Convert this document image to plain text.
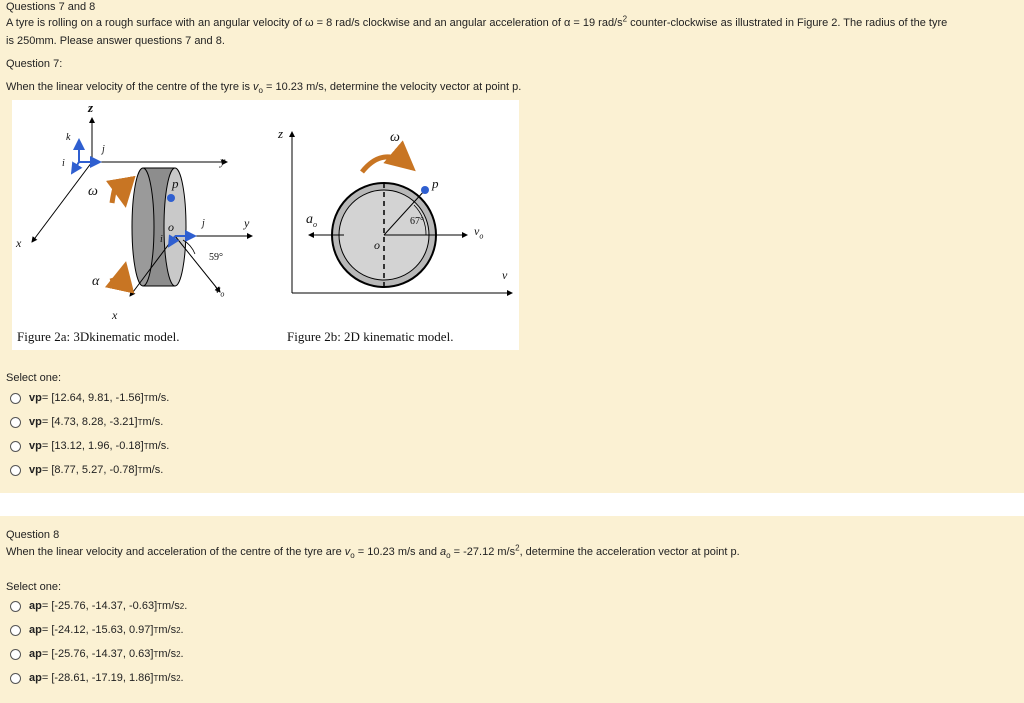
Questions 7 and 8
A tyre is rolling on a rough surface with an angular velocity of ω = 8 rad/s clockwise and an angular acceleration of α = 19 rad/$s^2$ counter-clockwise as illustrated in Figure 2. The radius of the tyre
is 250mm. Please answer questions 7 and 8.
Question 7:
When the linear velocity of the centre of the tyre is $v_o = 10.23$ m/s, determine the velocity vector at point p.
z
y
x
k
i
j
ω
α
p
o	j
i
y
x
59°
$v_o$
z	ω
p
67°
o
$v_o$
$a_o$
v
Figure 2a: 3Dkinematic model.	Figure 2b: 2D kinematic model.
Select one:
v p = [12.64, 9.81, -1.56] T m/s.
v p = [4.73, 8.28, -3.21] T m/s.
v p = [13.12, 1.96, -0.18] T m/s.
v p = [8.77, 5.27, -0.78] T m/s.
Question 8
When the linear velocity and acceleration of the centre of the tyre are $v_o = 10.23$ m/s and $a_o = -27.12$ $m/s^2$, determine the acceleration vector at point p.
Select one:
a p = [-25.76, -14.37, -0.63] T m/s 2 .
a p = [-24.12, -15.63, 0.97] T m/s 2 .
a p = [-25.76, -14.37, 0.63] T m/s 2 .
a p = [-28.61, -17.19, 1.86] T m/s 2 .
